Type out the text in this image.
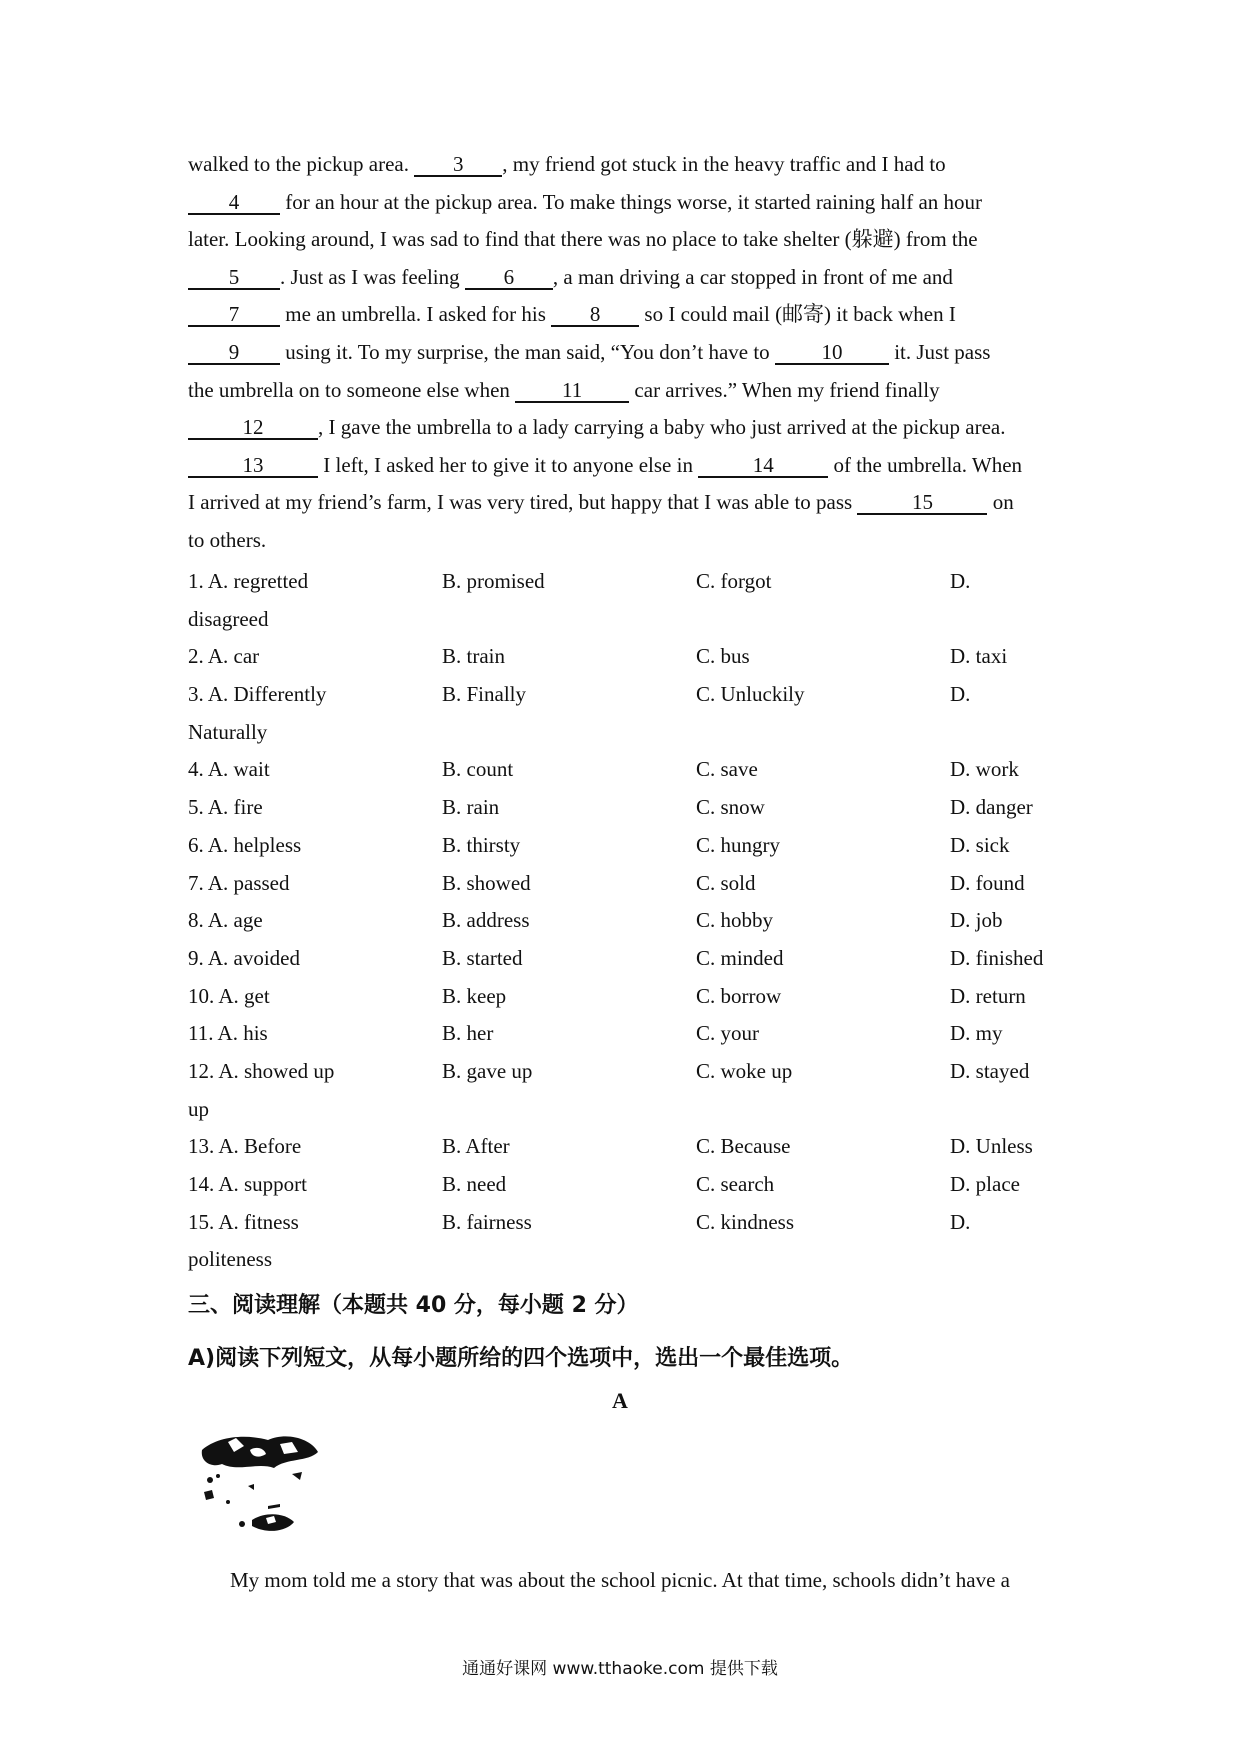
walked to the pickup area. 3 , my friend got stuck in the heavy traffic and I had to
4 for an hour at the pickup area. To make things worse, it started raining half an hour
later. Looking around, I was sad to find that there was no place to take shelter (躲避) from the
5 . Just as I was feeling 6 , a man driving a car stopped in front of me and
7 me an umbrella. I asked for his 8 so I could mail (邮寄) it back when I
9 using it. To my surprise, the man said, “You don’t have to 10 it. Just pass
the umbrella on to someone else when 11 car arrives.” When my friend finally
12	, I gave the umbrella to a lady carrying a baby who just arrived at the pickup area.
13	I left, I asked her to give it to anyone else in	14	of the umbrella. When
I arrived at my friend’s farm, I was very tired, but happy that I was able to pass	15	on
to others.
1. A. regretted	B. promised	C. forgot	D.
disagreed
2. A. car	B. train	C. bus	D. taxi
3. A. Differently	B. Finally	C. Unluckily	D.
Naturally
4. A. wait	B. count	C. save	D. work
5. A. fire	B. rain	C. snow	D. danger
6. A. helpless	B. thirsty	C. hungry	D. sick
7. A. passed	B. showed	C. sold	D. found
8. A. age	B. address	C. hobby	D. job
9. A. avoided	B. started	C. minded	D. finished
10. A. get	B. keep	C. borrow	D. return
11. A. his	B. her	C. your	D. my
12. A. showed up	B. gave up	C. woke up	D. stayed
up
13. A. Before	B. After	C. Because	D. Unless
14. A. support	B. need	C. search	D. place
15. A. fitness	B. fairness	C. kindness	D.
politeness
三、阅读理解（本题共 40 分，每小题 2 分）
A)阅读下列短文，从每小题所给的四个选项中，选出一个最佳选项。
A
My mom told me a story that was about the school picnic. At that time, schools didn’t have a
通通好课网 www.tthaoke.com 提供下载
